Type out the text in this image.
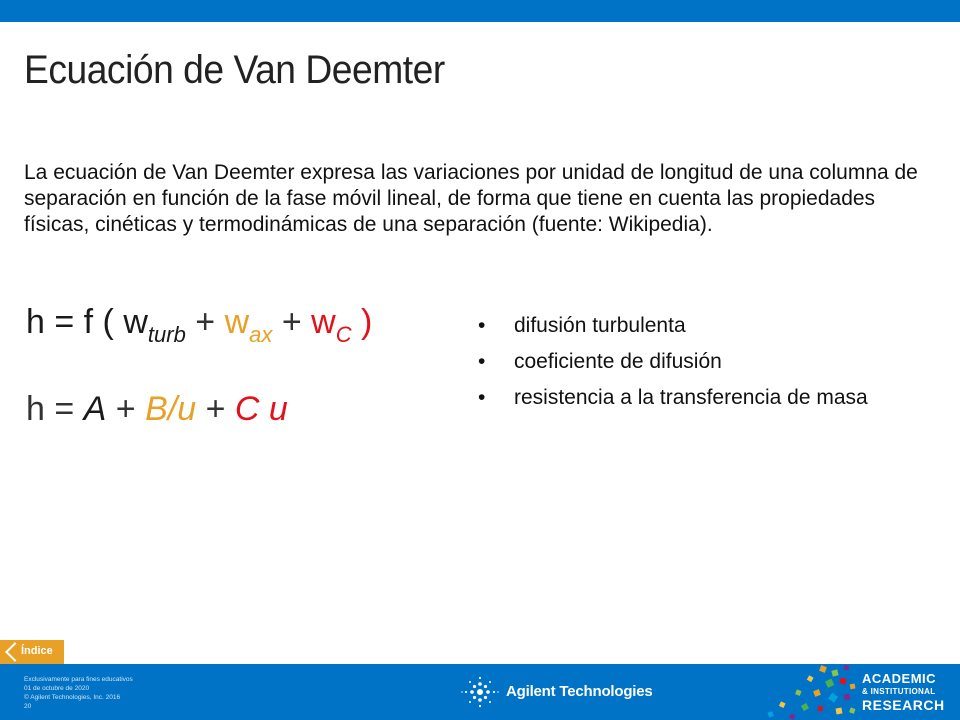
Ecuación de Van Deemter
La ecuación de Van Deemter expresa las variaciones por unidad de longitud de una columna de separación en función de la fase móvil lineal, de forma que tiene en cuenta las propiedades físicas, cinéticas y termodinámicas de una separación (fuente: Wikipedia).
h = f ( $w_{turb} + w_{ax} + w_C$ )
h = A + B/u + C u
• difusión turbulenta
• coeficiente de difusión
• resistencia a la transferencia de masa
Índice
Exclusivamente para fines educativos
01 de octubre de 2020
© Agilent Technologies, Inc. 2016
20
Agilent Technologies
ACADEMIC
& INSTITUTIONAL
RESEARCH
